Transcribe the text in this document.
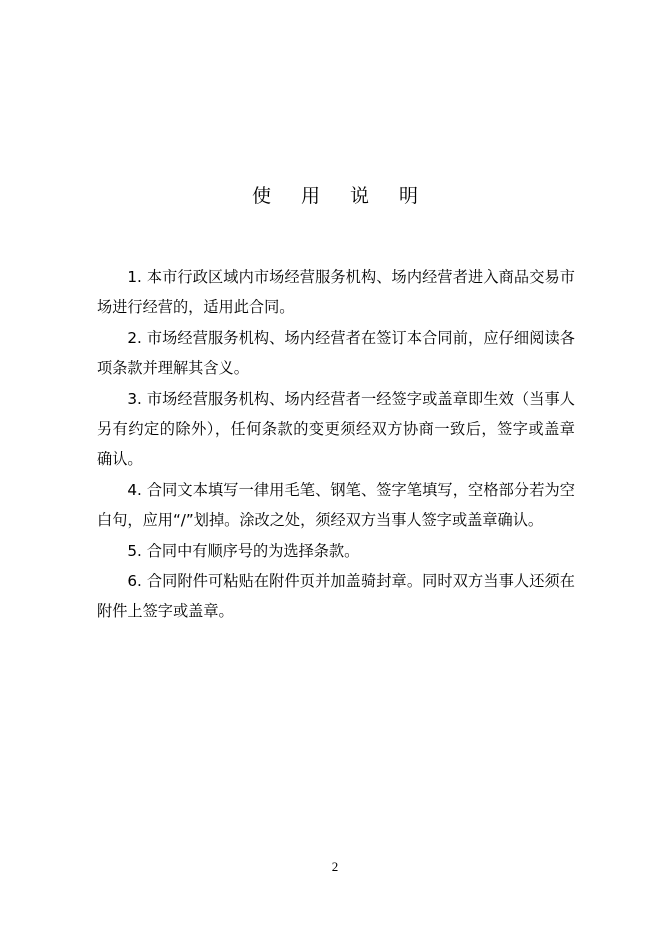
使 用 说 明

1. 本市行政区域内市场经营服务机构、场内经营者进入商品交易市场进行经营的，适用此合同。

2. 市场经营服务机构、场内经营者在签订本合同前，应仔细阅读各项条款并理解其含义。

3. 市场经营服务机构、场内经营者一经签字或盖章即生效（当事人另有约定的除外），任何条款的变更须经双方协商一致后，签字或盖章确认。

4. 合同文本填写一律用毛笔、钢笔、签字笔填写，空格部分若为空白句，应用“/”划掉。涂改之处，须经双方当事人签字或盖章确认。

5. 合同中有顺序号的为选择条款。

6. 合同附件可粘贴在附件页并加盖骑封章。同时双方当事人还须在附件上签字或盖章。

2
